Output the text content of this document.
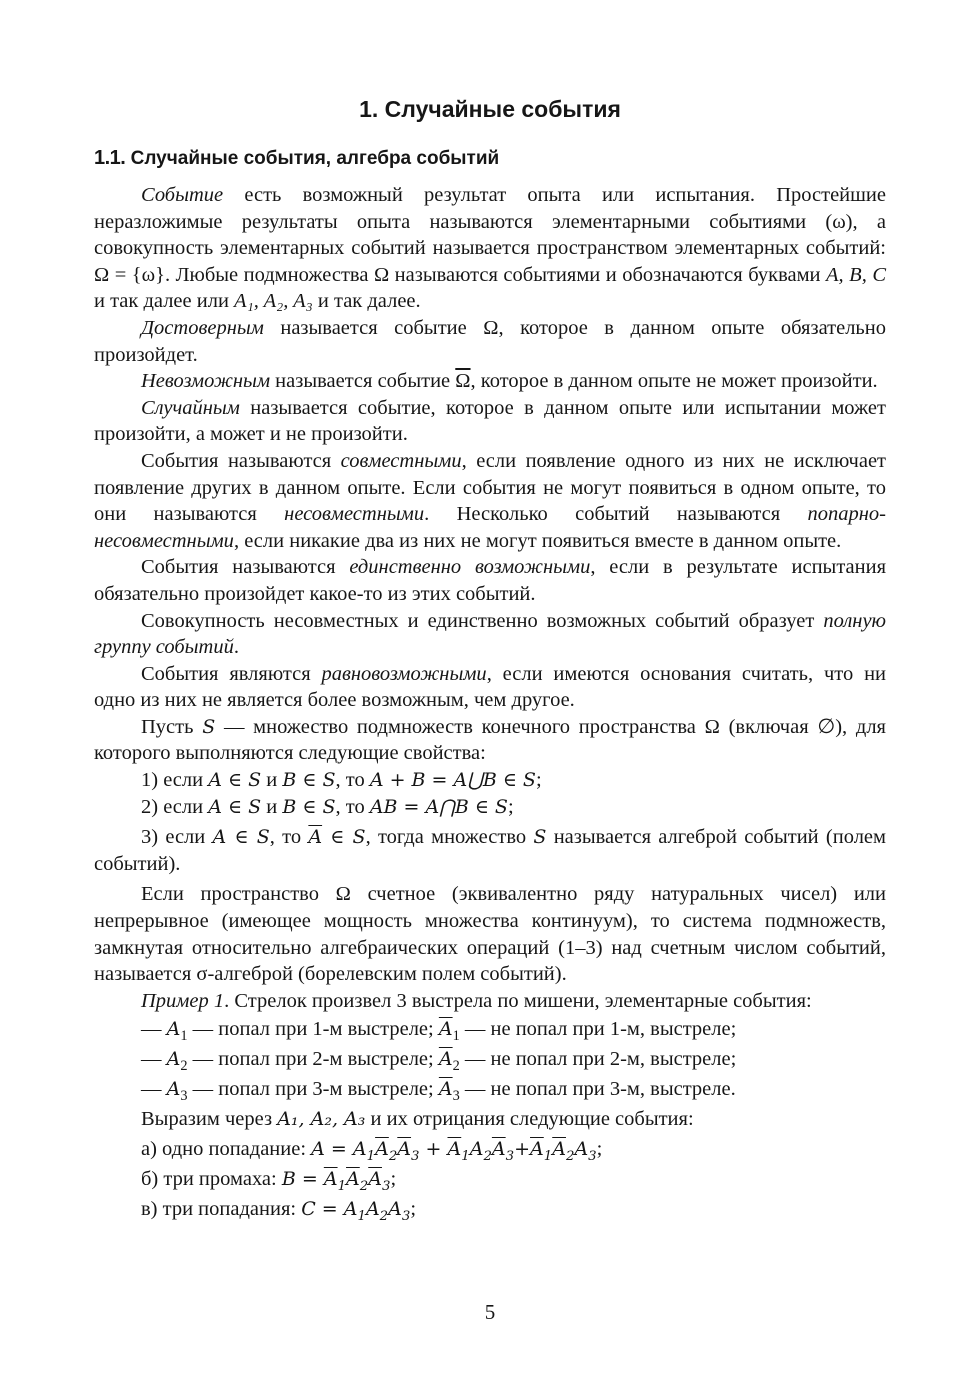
1. Случайные события
1.1. Случайные события, алгебра событий

Событие есть возможный результат опыта или испытания. Простейшие неразложимые результаты опыта называются элементарными событиями (ω), а совокупность элементарных событий называется пространством элементарных событий: Ω = {ω}. Любые подмножества Ω называются событиями и обозначаются буквами A, B, C и так далее или A₁, A₂, A₃ и так далее.

Достоверным называется событие Ω, которое в данном опыте обязательно произойдет.

Невозможным называется событие $\overline{\Omega}$, которое в данном опыте не может произойти.

Случайным называется событие, которое в данном опыте или испытании может произойти, а может и не произойти.

События называются совместными, если появление одного из них не исключает появление других в данном опыте. Если события не могут появиться в одном опыте, то они называются несовместными. Несколько событий называются попарно-несовместными, если никакие два из них не могут появиться вместе в данном опыте.

События называются единственно возможными, если в результате испытания обязательно произойдет какое-то из этих событий.

Совокупность несовместных и единственно возможных событий образует полную группу событий.

События являются равновозможными, если имеются основания считать, что ни одно из них не является более возможным, чем другое.

Пусть S — множество подмножеств конечного пространства Ω (включая ∅), для которого выполняются следующие свойства:

1) если A ∈ S и B ∈ S, то A + B = A⋃B ∈ S;

2) если A ∈ S и B ∈ S, то AB = A⋂B ∈ S;

3) если A ∈ S, то $\overline{A}$ ∈ S, тогда множество S называется алгеброй событий (полем событий).

Если пространство Ω счетное (эквивалентно ряду натуральных чисел) или непрерывное (имеющее мощность множества континуум), то система подмножеств, замкнутая относительно алгебраических операций (1–3) над счетным числом событий, называется σ-алгеброй (борелевским полем событий).

Пример 1. Стрелок произвел 3 выстрела по мишени, элементарные события:

— $A_1$ — попал при 1-м выстреле; $\overline{A}_1$ — не попал при 1-м, выстреле;

— $A_2$ — попал при 2-м выстреле; $\overline{A}_2$ — не попал при 2-м, выстреле;

— $A_3$ — попал при 3-м выстреле; $\overline{A}_3$ — не попал при 3-м, выстреле.

Выразим через A₁, A₂, A₃ и их отрицания следующие события:

а) одно попадание: $A = A_1\overline{A}_2\overline{A}_3 + \overline{A}_1A_2\overline{A}_3+\overline{A}_1\overline{A}_2A_3$;

б) три промаха: $B = \overline{A}_1\overline{A}_2\overline{A}_3$;

в) три попадания: $C = A_1A_2A_3$;

5
